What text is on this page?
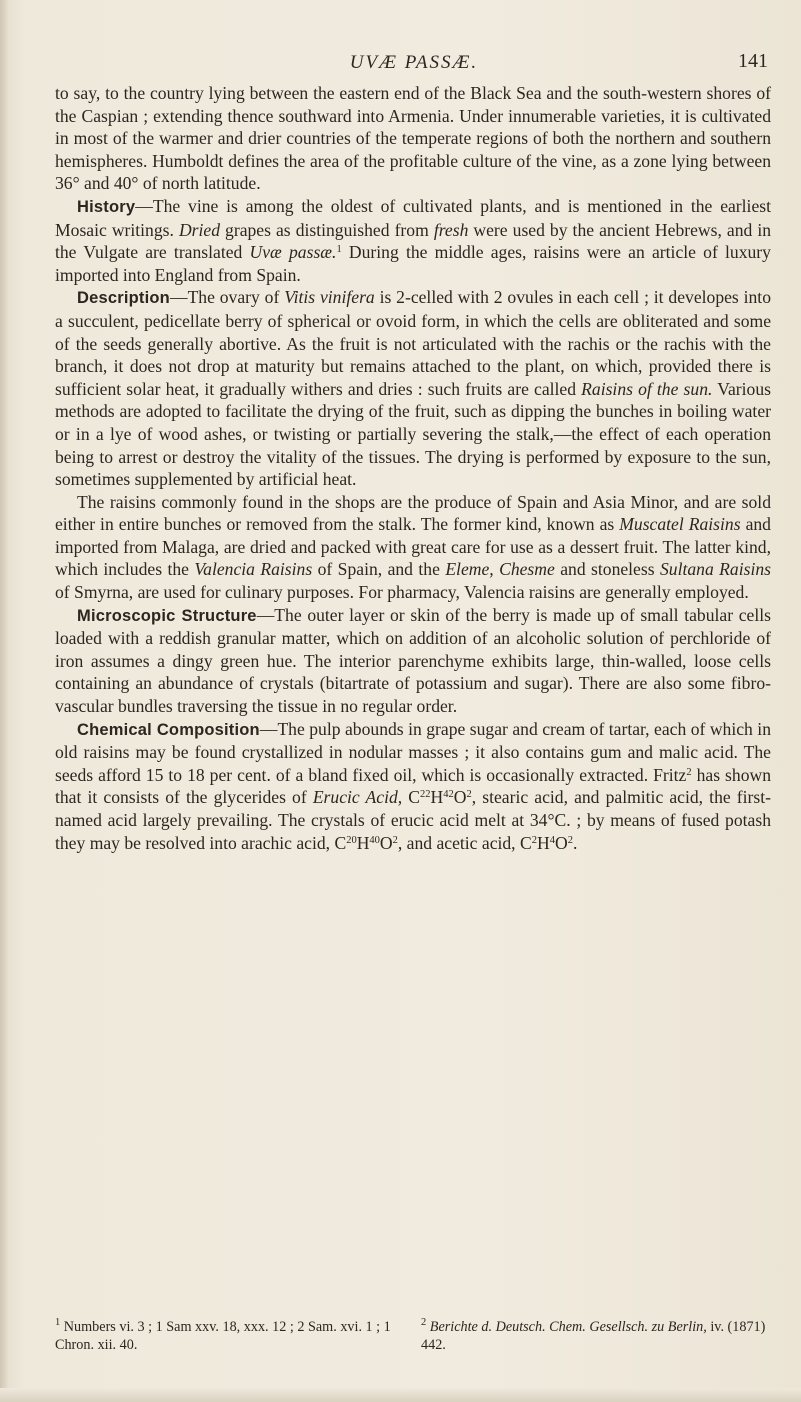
UVÆ PASSÆ.	141

to say, to the country lying between the eastern end of the Black Sea and the south-western shores of the Caspian ; extending thence southward into Armenia. Under innumerable varieties, it is cultivated in most of the warmer and drier countries of the temperate regions of both the northern and southern hemispheres. Humboldt defines the area of the profitable culture of the vine, as a zone lying between 36° and 40° of north latitude.

History—The vine is among the oldest of cultivated plants, and is mentioned in the earliest Mosaic writings. Dried grapes as distinguished from fresh were used by the ancient Hebrews, and in the Vulgate are translated Uvæ passæ.$^1$ During the middle ages, raisins were an article of luxury imported into England from Spain.

Description—The ovary of Vitis vinifera is 2-celled with 2 ovules in each cell ; it developes into a succulent, pedicellate berry of spherical or ovoid form, in which the cells are obliterated and some of the seeds generally abortive. As the fruit is not articulated with the rachis or the rachis with the branch, it does not drop at maturity but remains attached to the plant, on which, provided there is sufficient solar heat, it gradually withers and dries : such fruits are called Raisins of the sun. Various methods are adopted to facilitate the drying of the fruit, such as dipping the bunches in boiling water or in a lye of wood ashes, or twisting or partially severing the stalk,—the effect of each operation being to arrest or destroy the vitality of the tissues. The drying is performed by exposure to the sun, sometimes supplemented by artificial heat.

The raisins commonly found in the shops are the produce of Spain and Asia Minor, and are sold either in entire bunches or removed from the stalk. The former kind, known as Muscatel Raisins and imported from Malaga, are dried and packed with great care for use as a dessert fruit. The latter kind, which includes the Valencia Raisins of Spain, and the Eleme, Chesme and stoneless Sultana Raisins of Smyrna, are used for culinary purposes. For pharmacy, Valencia raisins are generally employed.

Microscopic Structure—The outer layer or skin of the berry is made up of small tabular cells loaded with a reddish granular matter, which on addition of an alcoholic solution of perchloride of iron assumes a dingy green hue. The interior parenchyme exhibits large, thin-walled, loose cells containing an abundance of crystals (bitartrate of potassium and sugar). There are also some fibro-vascular bundles traversing the tissue in no regular order.

Chemical Composition—The pulp abounds in grape sugar and cream of tartar, each of which in old raisins may be found crystallized in nodular masses ; it also contains gum and malic acid. The seeds afford 15 to 18 per cent. of a bland fixed oil, which is occasionally extracted. Fritz$^2$ has shown that it consists of the glycerides of Erucic Acid, $C^{22}H^{42}O^2$, stearic acid, and palmitic acid, the first-named acid largely prevailing. The crystals of erucic acid melt at 34°C. ; by means of fused potash they may be resolved into arachic acid, $C^{20}H^{40}O^2$, and acetic acid, $C^2H^4O^2$.

$^1$ Numbers vi. 3 ; 1 Sam xxv. 18, xxx. 12 ; 2 Sam. xvi. 1 ; 1 Chron. xii. 40.
$^2$ Berichte d. Deutsch. Chem. Gesellsch. zu Berlin, iv. (1871) 442.
